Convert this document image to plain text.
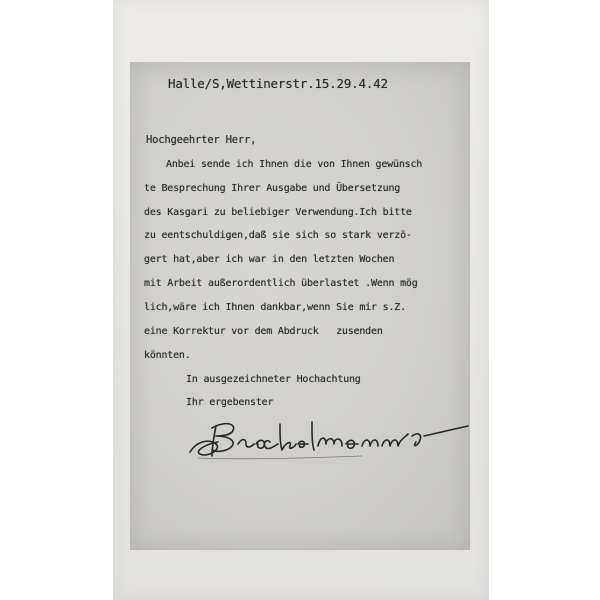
Halle/S,Wettinerstr.15.29.4.42
Hochgeehrter Herr,
Anbei sende ich Ihnen die von Ihnen gewünsch
te Besprechung Ihrer Ausgabe und Übersetzung
des Kasgari zu beliebiger Verwendung.Ich bitte
zu eentschuldigen,daß sie sich so stark verzö-
gert hat,aber ich war in den letzten Wochen
mit Arbeit außerordentlich überlastet .Wenn mög
lich,wäre ich Ihnen dankbar,wenn Sie mir s.Z.
eine Korrektur vor dem Abdruck   zusenden
könnten.
In ausgezeichneter Hochachtung
Ihr ergebenster
